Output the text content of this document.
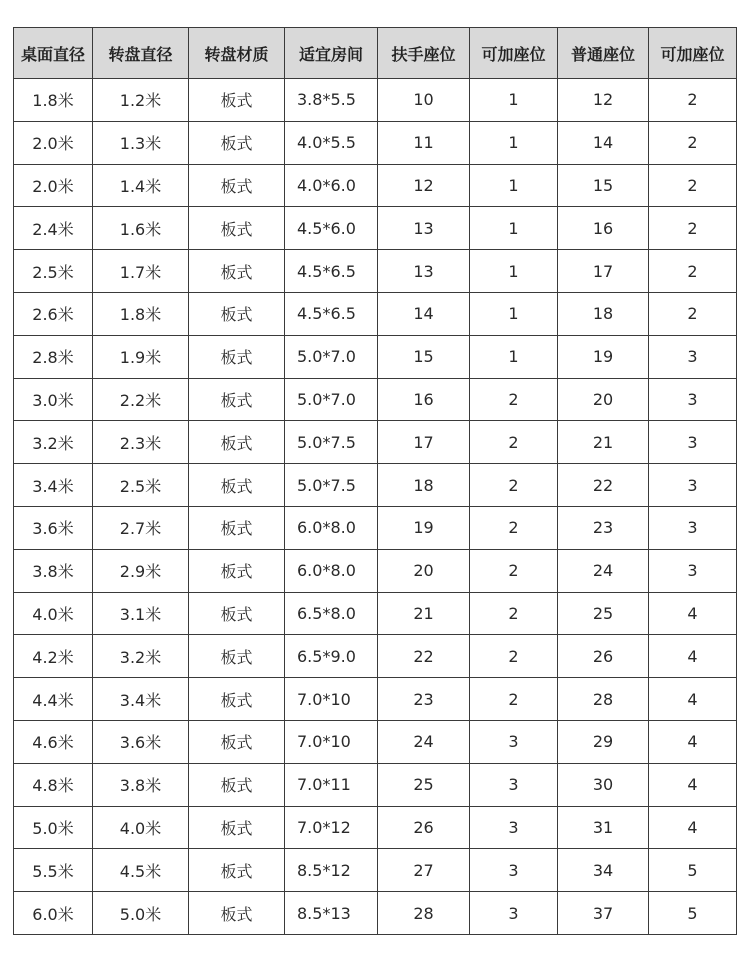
桌面直径	转盘直径	转盘材质	适宜房间	扶手座位	可加座位	普通座位	可加座位
1.8米	1.2米	板式	3.8*5.5	10	1	12	2
2.0米	1.3米	板式	4.0*5.5	11	1	14	2
2.0米	1.4米	板式	4.0*6.0	12	1	15	2
2.4米	1.6米	板式	4.5*6.0	13	1	16	2
2.5米	1.7米	板式	4.5*6.5	13	1	17	2
2.6米	1.8米	板式	4.5*6.5	14	1	18	2
2.8米	1.9米	板式	5.0*7.0	15	1	19	3
3.0米	2.2米	板式	5.0*7.0	16	2	20	3
3.2米	2.3米	板式	5.0*7.5	17	2	21	3
3.4米	2.5米	板式	5.0*7.5	18	2	22	3
3.6米	2.7米	板式	6.0*8.0	19	2	23	3
3.8米	2.9米	板式	6.0*8.0	20	2	24	3
4.0米	3.1米	板式	6.5*8.0	21	2	25	4
4.2米	3.2米	板式	6.5*9.0	22	2	26	4
4.4米	3.4米	板式	7.0*10	23	2	28	4
4.6米	3.6米	板式	7.0*10	24	3	29	4
4.8米	3.8米	板式	7.0*11	25	3	30	4
5.0米	4.0米	板式	7.0*12	26	3	31	4
5.5米	4.5米	板式	8.5*12	27	3	34	5
6.0米	5.0米	板式	8.5*13	28	3	37	5
